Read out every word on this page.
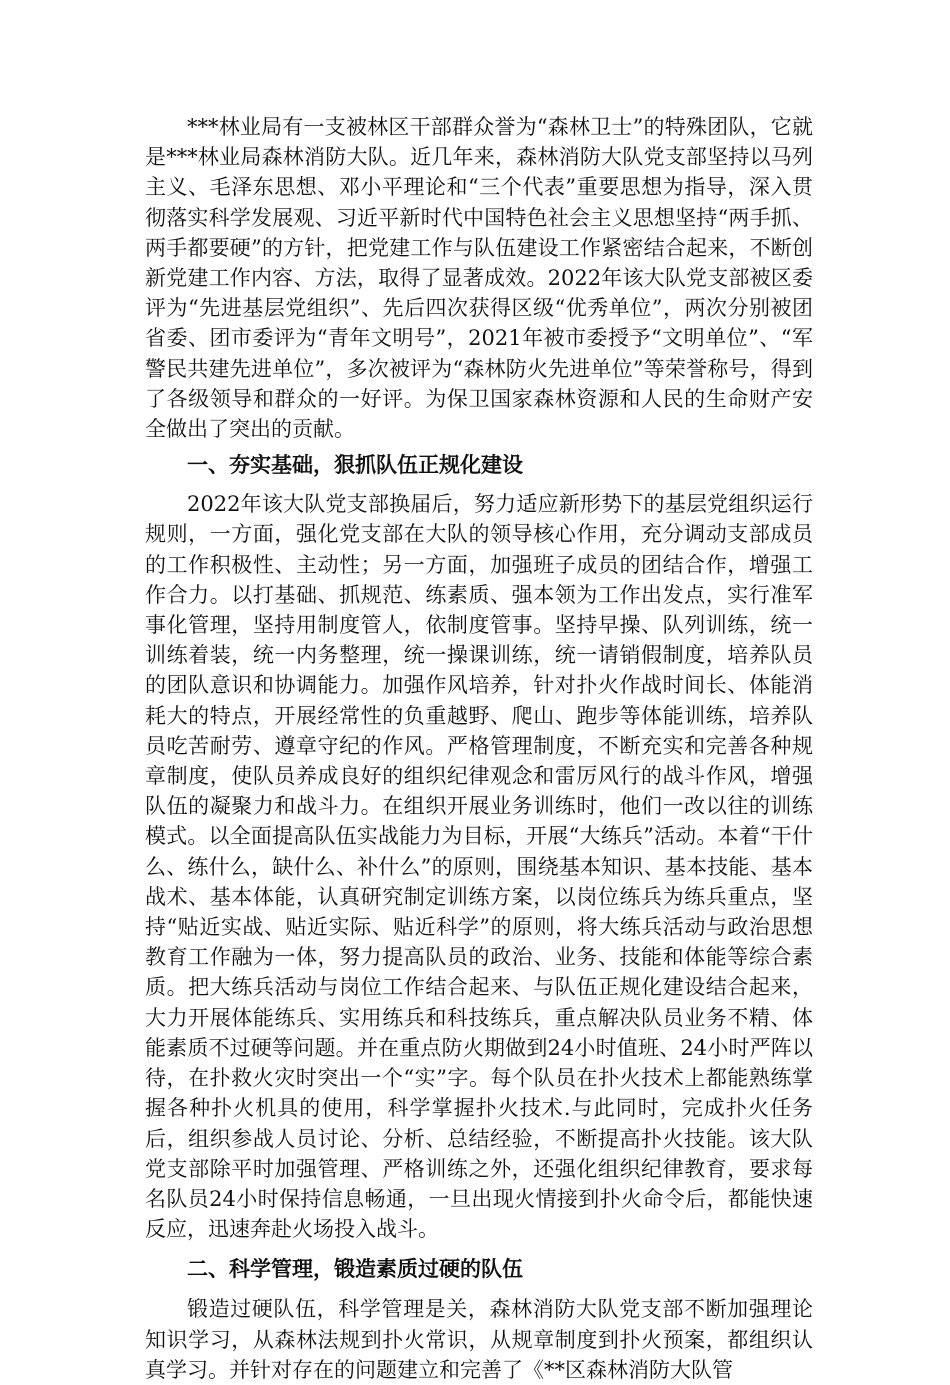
***林业局有一支被林区干部群众誉为“森林卫士”的特殊团队，它就是***林业局森林消防大队。近几年来，森林消防大队党支部坚持以马列主义、毛泽东思想、邓小平理论和“三个代表”重要思想为指导，深入贯彻落实科学发展观、习近平新时代中国特色社会主义思想坚持“两手抓、两手都要硬”的方针，把党建工作与队伍建设工作紧密结合起来，不断创新党建工作内容、方法，取得了显著成效。2022年该大队党支部被区委评为“先进基层党组织”、先后四次获得区级“优秀单位”，两次分别被团省委、团市委评为“青年文明号”，2021年被市委授予“文明单位”、“军警民共建先进单位”，多次被评为“森林防火先进单位”等荣誉称号，得到了各级领导和群众的一好评。为保卫国家森林资源和人民的生命财产安全做出了突出的贡献。

一、夯实基础，狠抓队伍正规化建设

2022年该大队党支部换届后，努力适应新形势下的基层党组织运行规则，一方面，强化党支部在大队的领导核心作用，充分调动支部成员的工作积极性、主动性；另一方面，加强班子成员的团结合作，增强工作合力。以打基础、抓规范、练素质、强本领为工作出发点，实行准军事化管理，坚持用制度管人，依制度管事。坚持早操、队列训练，统一训练着装，统一内务整理，统一操课训练，统一请销假制度，培养队员的团队意识和协调能力。加强作风培养，针对扑火作战时间长、体能消耗大的特点，开展经常性的负重越野、爬山、跑步等体能训练，培养队员吃苦耐劳、遵章守纪的作风。严格管理制度，不断充实和完善各种规章制度，使队员养成良好的组织纪律观念和雷厉风行的战斗作风，增强队伍的凝聚力和战斗力。在组织开展业务训练时，他们一改以往的训练模式。以全面提高队伍实战能力为目标，开展“大练兵”活动。本着“干什么、练什么，缺什么、补什么”的原则，围绕基本知识、基本技能、基本战术、基本体能，认真研究制定训练方案，以岗位练兵为练兵重点，坚持“贴近实战、贴近实际、贴近科学”的原则，将大练兵活动与政治思想教育工作融为一体，努力提高队员的政治、业务、技能和体能等综合素质。把大练兵活动与岗位工作结合起来、与队伍正规化建设结合起来，大力开展体能练兵、实用练兵和科技练兵，重点解决队员业务不精、体能素质不过硬等问题。并在重点防火期做到24小时值班、24小时严阵以待，在扑救火灾时突出一个“实”字。每个队员在扑火技术上都能熟练掌握各种扑火机具的使用，科学掌握扑火技术.与此同时，完成扑火任务后，组织参战人员讨论、分析、总结经验，不断提高扑火技能。该大队党支部除平时加强管理、严格训练之外，还强化组织纪律教育，要求每名队员24小时保持信息畅通，一旦出现火情接到扑火命令后，都能快速反应，迅速奔赴火场投入战斗。

二、科学管理，锻造素质过硬的队伍

锻造过硬队伍，科学管理是关，森林消防大队党支部不断加强理论知识学习，从森林法规到扑火常识，从规章制度到扑火预案，都组织认真学习。并针对存在的问题建立和完善了《**区森林消防大队管
